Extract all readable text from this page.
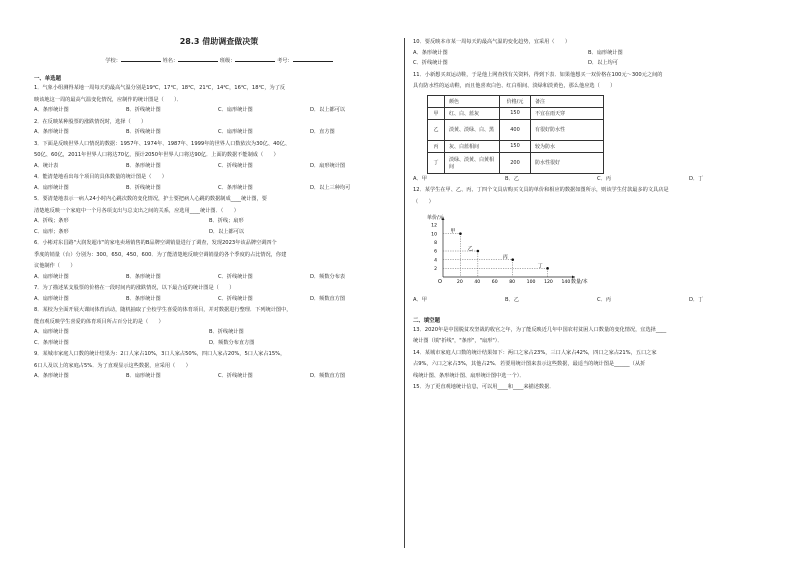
28.3 借助调查做决策
学校：	姓名：	班级：	考号：
一、单选题
1．气象小组测得某地一周每天的最高气温分别是19℃，17℃，18℃，21℃，14℃，16℃，18℃，为了反
映该地这一周的最高气温变化情况，应制作的统计图是（　　）．
A．条形统计图	B．折线统计图	C．扇形统计图	D．以上都可以
2．在反映某种股票的涨跌情况时，选择（　　）
A．条形统计图	B．折线统计图	C．扇形统计图	D．直方图
3．下面是反映世界人口情况的数据：1957年、1974年、1987年、1999年的世界人口数依次为30亿、40亿、
50亿、60亿，2011年世界人口将达70亿，预计2050年世界人口将达90亿．上面的数据不能制成（　　）
A．统计表	B．条形统计图	C．折线统计图	D．扇形统计图
4．能清楚地看出每个项目的具体数量的统计图是（　　）
A．扇形统计图	B．折线统计图	C．条形统计图	D．以上三种均可
5．要清楚地表示一病人24小时内心跳次数的变化情况，护士要把病人心跳的数据制成____统计图，要
清楚地反映一个家庭中一个月各项支出与总支出之间的关系，应选用____统计图．（　　）
A．折线；条形	B．折线；扇形
C．扇形；条形	D．以上都可以
6．小彬对东昌路"大润发超市"的家电卖场销售的B品牌空调销量进行了调查，发现2023年该品牌空调四个
季度的销量（台）分别为：300，650，450，600．为了能清楚地反映空调销量的各个季度的占比情况，你建
议他制作（　　）
A．扇形统计图	B．条形统计图	C．折线统计图	D．频数分布表
7．为了描述某支股票的价格在一段时间内的涨跌情况，以下最合适的统计图是（　　）
A．扇形统计图	B．条形统计图	C．折线统计图	D．频数直方图
8．某校为全面开展大课间体育活动，随机抽取了全校学生喜爱的体育项目，并对数据进行整理．下列统计图中，
能直观反映学生喜爱的体育项目所占百分比的是（　　）
A．扇形统计图	B．折线统计图
C．条形统计图	D．频数分布直方图
9．某城市家庭人口数的统计结果为：2口人家占10%，3口人家占50%，四口人家占20%，5口人家占15%，
6口人及以上的家庭占5%．为了直观显示这些数据，应采用（　　）
A．条形统计图	B．扇形统计图	C．折线统计图	D．频数直方图
10．要反映本市某一周每天的最高气温的变化趋势，宜采用（　　）
A．条形统计图	B．扇形统计图
C．折线统计图	D．以上均可
11．小新想买双运动鞋，于是他上网查找有关资料，得到下表．如果他想买一双价格在100元～300元之间的
具有防水性的运动鞋，而且他喜欢白色、红白相间、淡绿和淡黄色，那么他应选（　　）
	颜色	价格/元	备注
甲	红、白、蓝灰	150	不宜在雨天穿
乙	淡黄、淡绿、白、黑	400	有很好防水性
丙	灰、白蓝相间	150	较为防水
丁	淡绿、淡黄、白黄相间	200	防水性很好
A．甲	B．乙	C．丙	D．丁
12．某学生在甲、乙、丙、丁四个文具店购买文具的单价和相应的数据如图所示，则该学生付款最多的文具店是
（　　）
O
单价/元
数量/本
20	40	60	80	100 120 140
2
4
6
8
10
12
甲
乙
丙
丁
A．甲	B．乙	C．丙	D．丁
二、填空题
13．2020年是中国脱贫攻坚战的收官之年，为了能反映近几年中国农村贫困人口数量的变化情况，宜选择____
统计图（填"折线"，"条形"，"扇形"）．
14．某城市家庭人口数的统计结果如下：两口之家占23%，三口人家占42%，四口之家占21%，五口之家
占9%，六口之家占3%，其他占2%．若要用统计图来表示这些数据，最适当的统计图是______（从折
线统计图、条形统计图、扇形统计图中选一个）．
15．为了更直观地统计信息，可以用____和____来描述数据．
